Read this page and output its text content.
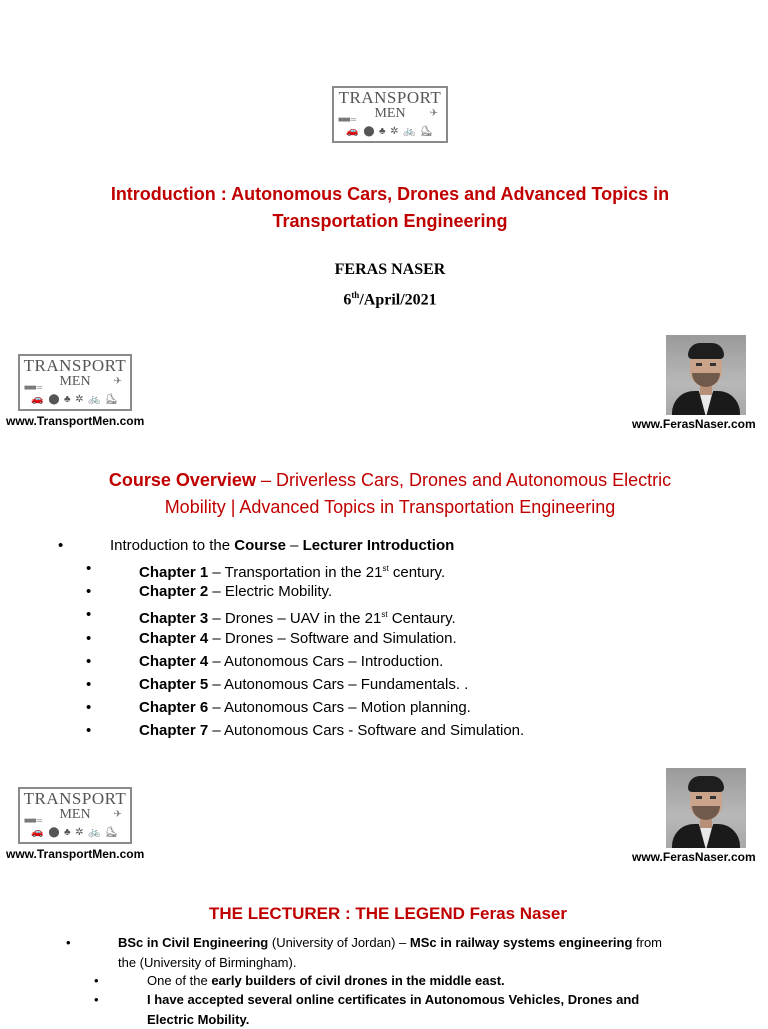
TRANSPORT
■■■ ═ MEN ✈
🚗 ⬤ ♣ ✲ 🚲 ⛸
Introduction : Autonomous Cars, Drones and Advanced Topics in
Transportation Engineering
FERAS NASER
6th/April/2021
TRANSPORT
■■■ ═ MEN ✈
🚗 ⬤ ♣ ✲ 🚲 ⛸
www.TransportMen.com	www.FerasNaser.com
Course Overview – Driverless Cars, Drones and Autonomous Electric
Mobility | Advanced Topics in Transportation Engineering
•	Introduction to the Course – Lecturer Introduction
•	Chapter 1 – Transportation in the 21st century.
•	Chapter 2 – Electric Mobility.
•	Chapter 3 – Drones – UAV in the 21st Centaury.
•	Chapter 4 – Drones – Software and Simulation.
•	Chapter 4 – Autonomous Cars – Introduction.
•	Chapter 5 – Autonomous Cars – Fundamentals. .
•	Chapter 6 – Autonomous Cars – Motion planning.
•	Chapter 7 – Autonomous Cars - Software and Simulation.
TRANSPORT
■■■ ═ MEN ✈
🚗 ⬤ ♣ ✲ 🚲 ⛸
www.TransportMen.com	www.FerasNaser.com
THE LECTURER : THE LEGEND Feras Naser
•	BSc in Civil Engineering (University of Jordan) – MSc in railway systems engineering from
the (University of Birmingham).
•	One of the early builders of civil drones in the middle east.
•	I have accepted several online certificates in Autonomous Vehicles, Drones and
Electric Mobility.
